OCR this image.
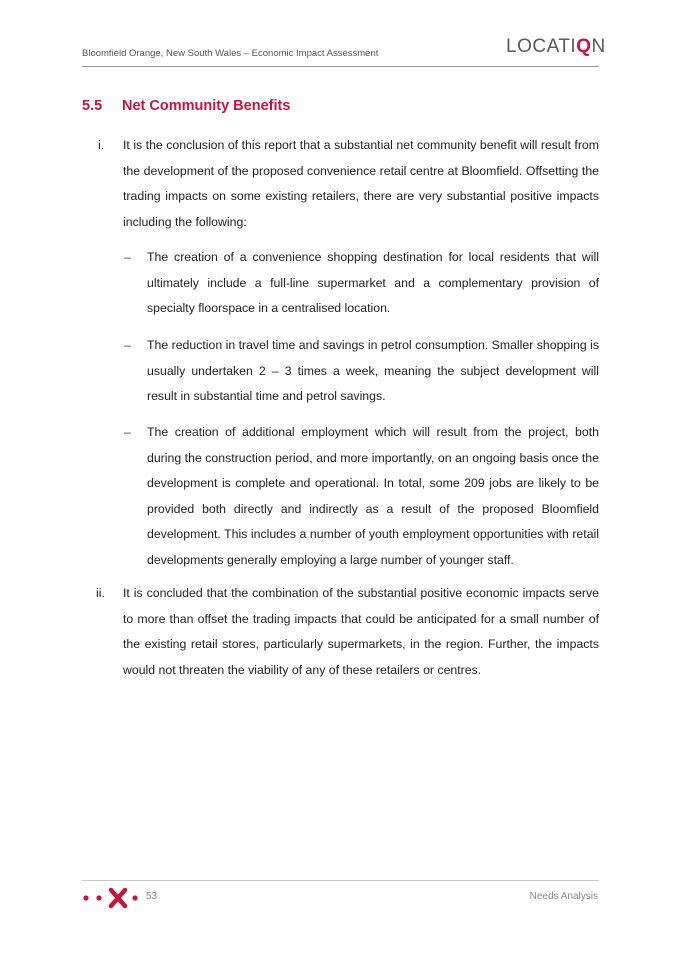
Bloomfield Orange, New South Wales – Economic Impact Assessment	LOCATIQN
5.5 Net Community Benefits
i. It is the conclusion of this report that a substantial net community benefit will result from the development of the proposed convenience retail centre at Bloomfield. Offsetting the trading impacts on some existing retailers, there are very substantial positive impacts including the following:
– The creation of a convenience shopping destination for local residents that will ultimately include a full-line supermarket and a complementary provision of specialty floorspace in a centralised location.
– The reduction in travel time and savings in petrol consumption. Smaller shopping is usually undertaken 2 – 3 times a week, meaning the subject development will result in substantial time and petrol savings.
– The creation of additional employment which will result from the project, both during the construction period, and more importantly, on an ongoing basis once the development is complete and operational. In total, some 209 jobs are likely to be provided both directly and indirectly as a result of the proposed Bloomfield development. This includes a number of youth employment opportunities with retail developments generally employing a large number of younger staff.
ii. It is concluded that the combination of the substantial positive economic impacts serve to more than offset the trading impacts that could be anticipated for a small number of the existing retail stores, particularly supermarkets, in the region. Further, the impacts would not threaten the viability of any of these retailers or centres.
53	Needs Analysis
